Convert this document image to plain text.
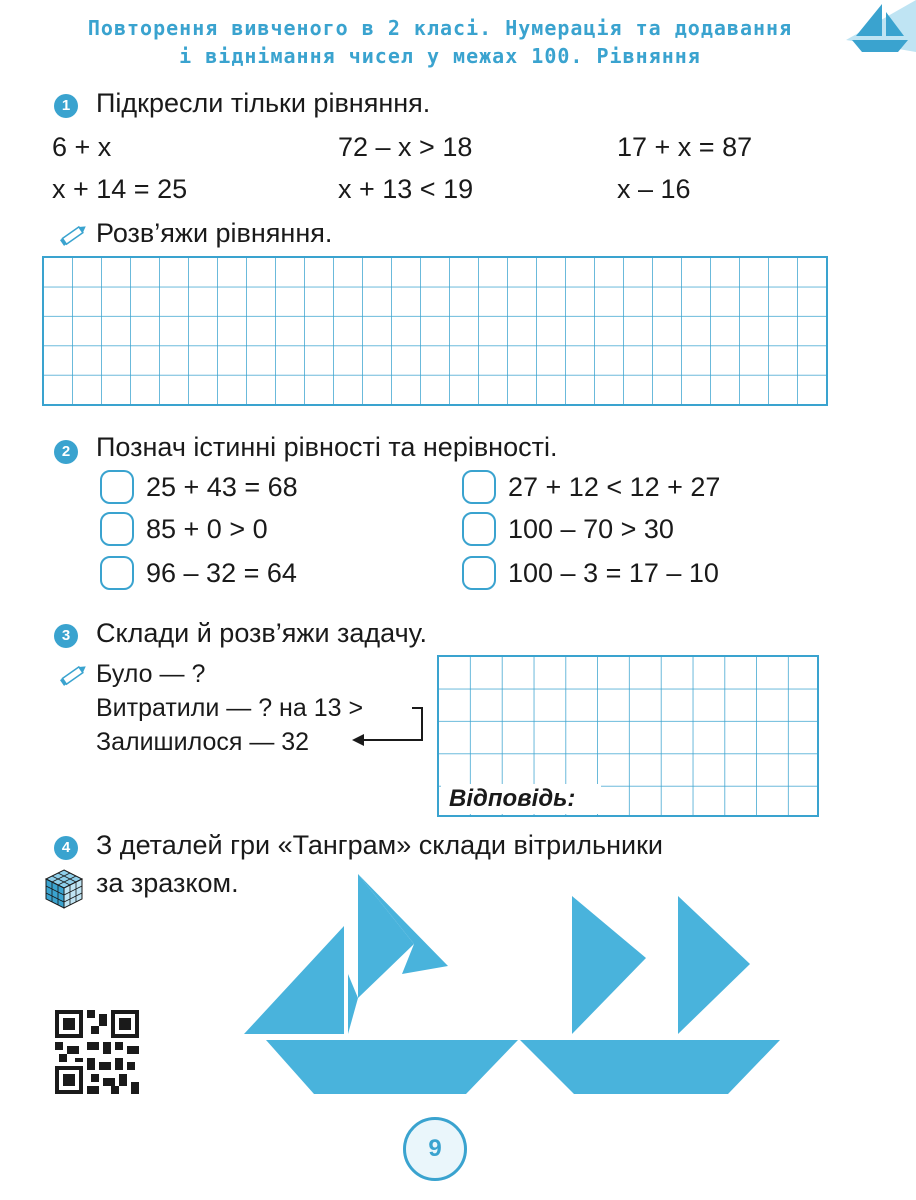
Повторення вивченого в 2 класі. Нумерація та додавання
і віднімання чисел у межах 100. Рівняння
1 Підкресли тільки рівняння.
6 + x	72 – x > 18	17 + x = 87
x + 14 = 25	x + 13 < 19	x – 16
Розв’яжи рівняння.
2 Познач істинні рівності та нерівності.
25 + 43 = 68	27 + 12 < 12 + 27
85 + 0 > 0	100 – 70 > 30
96 – 32 = 64	100 – 3 = 17 – 10
3 Склади й розв’яжи задачу.
Було — ?
Витратили — ? на 13 >
Залишилося — 32
Відповідь:
4 З деталей гри «Танграм» склади вітрильники
за зразком.
9
